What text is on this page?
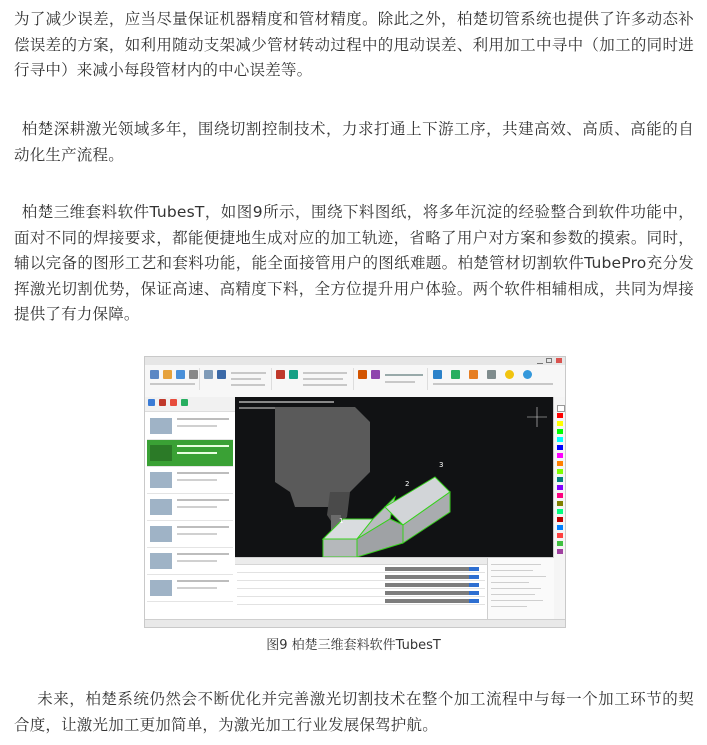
为了减少误差，应当尽量保证机器精度和管材精度。除此之外，柏楚切管系统也提供了许多动态补偿误差的方案，如利用随动支架减少管材转动过程中的甩动误差、利用加工中寻中（加工的同时进行寻中）来减小每段管材内的中心误差等。

柏楚深耕激光领域多年，围绕切割控制技术，力求打通上下游工序，共建高效、高质、高能的自动化生产流程。

柏楚三维套料软件TubesT，如图9所示，围绕下料图纸，将多年沉淀的经验整合到软件功能中，面对不同的焊接要求，都能便捷地生成对应的加工轨迹，省略了用户对方案和参数的摸索。同时，辅以完备的图形工艺和套料功能，能全面接管用户的图纸难题。柏楚管材切割软件TubePro充分发挥激光切割优势，保证高速、高精度下料，全方位提升用户体验。两个软件相辅相成，共同为焊接提供了有力保障。

1
2
3
图9 柏楚三维套料软件TubesT

未来，柏楚系统仍然会不断优化并完善激光切割技术在整个加工流程中与每一个加工环节的契合度，让激光加工更加简单，为激光加工行业发展保驾护航。
